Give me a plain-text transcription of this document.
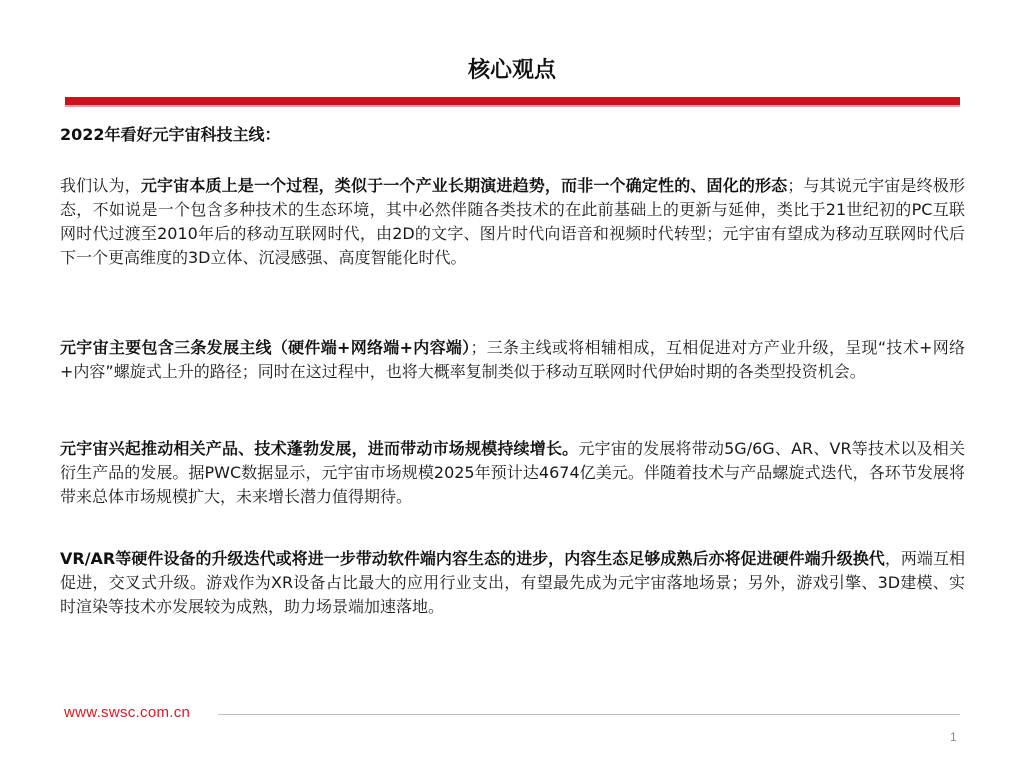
核心观点
2022年看好元宇宙科技主线：
我们认为，元宇宙本质上是一个过程，类似于一个产业长期演进趋势，而非一个确定性的、固化的形态；与其说元宇宙是终极形态，不如说是一个包含多种技术的生态环境，其中必然伴随各类技术的在此前基础上的更新与延伸，类比于21世纪初的PC互联网时代过渡至2010年后的移动互联网时代，由2D的文字、图片时代向语音和视频时代转型；元宇宙有望成为移动互联网时代后下一个更高维度的3D立体、沉浸感强、高度智能化时代。
元宇宙主要包含三条发展主线（硬件端+网络端+内容端）；三条主线或将相辅相成，互相促进对方产业升级，呈现“技术+网络+内容”螺旋式上升的路径；同时在这过程中，也将大概率复制类似于移动互联网时代伊始时期的各类型投资机会。
元宇宙兴起推动相关产品、技术蓬勃发展，进而带动市场规模持续增长。元宇宙的发展将带动5G/6G、AR、VR等技术以及相关衍生产品的发展。据PWC数据显示，元宇宙市场规模2025年预计达4674亿美元。伴随着技术与产品螺旋式迭代，各环节发展将带来总体市场规模扩大，未来增长潜力值得期待。
VR/AR等硬件设备的升级迭代或将进一步带动软件端内容生态的进步，内容生态足够成熟后亦将促进硬件端升级换代，两端互相促进，交叉式升级。游戏作为XR设备占比最大的应用行业支出，有望最先成为元宇宙落地场景；另外，游戏引擎、3D建模、实时渲染等技术亦发展较为成熟，助力场景端加速落地。
www.swsc.com.cn
1
